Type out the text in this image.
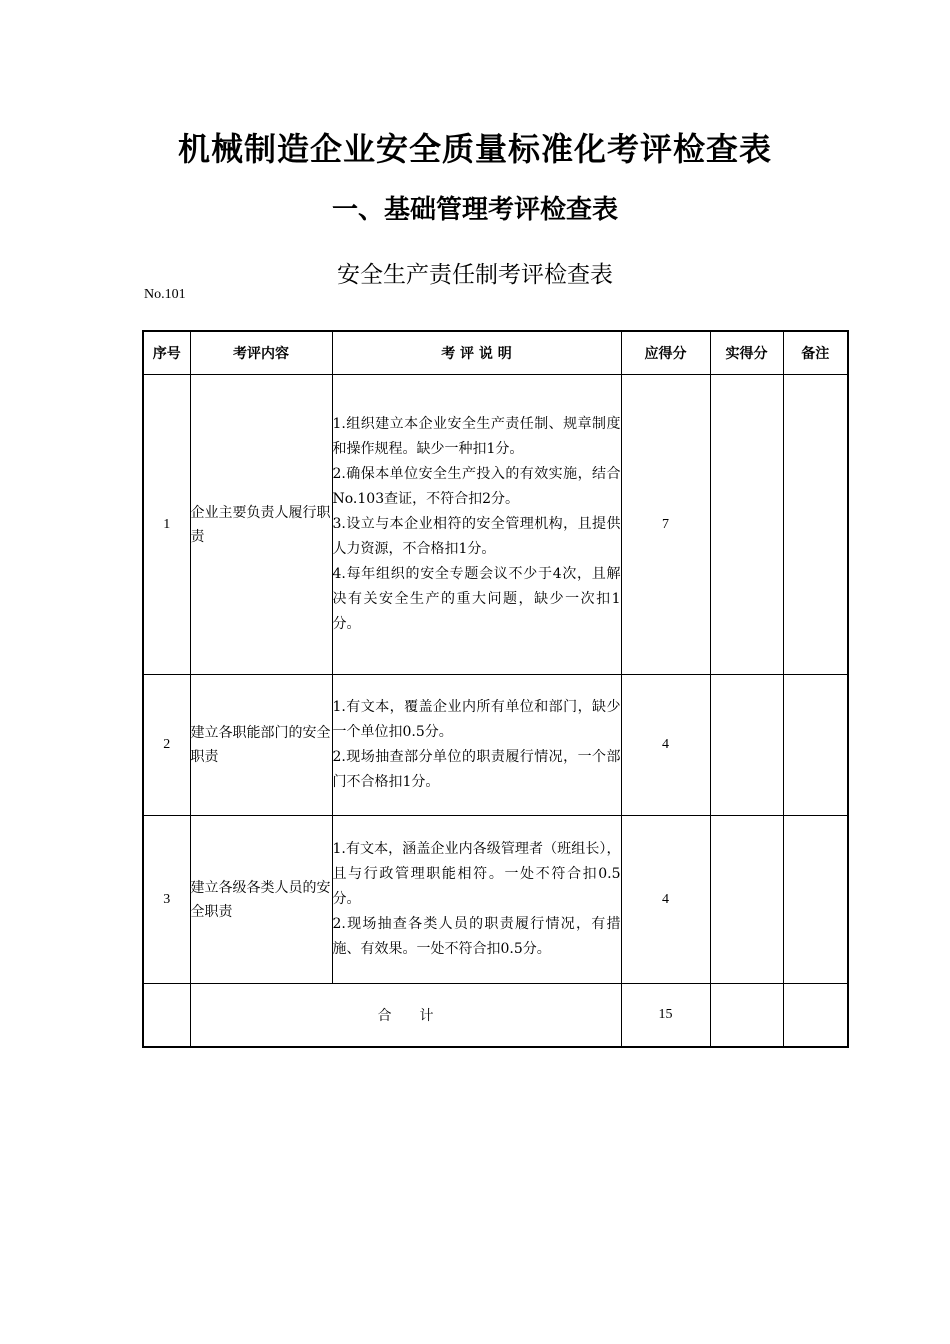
机械制造企业安全质量标准化考评检查表
一、基础管理考评检查表
安全生产责任制考评检查表
No.101
序号	考评内容	考 评 说 明	应得分	实得分	备注
1	企业主要负责人履行职责	1.组织建立本企业安全生产责任制、规章制度和操作规程。缺少一种扣1分。
2.确保本单位安全生产投入的有效实施，结合No.103查证，不符合扣2分。
3.设立与本企业相符的安全管理机构，且提供人力资源，不合格扣1分。
4.每年组织的安全专题会议不少于4次，且解决有关安全生产的重大问题，缺少一次扣1分。	7		
2	建立各职能部门的安全职责	1.有文本，覆盖企业内所有单位和部门，缺少一个单位扣0.5分。
2.现场抽查部分单位的职责履行情况，一个部门不合格扣1分。	4		
3	建立各级各类人员的安全职责	1.有文本，涵盖企业内各级管理者（班组长），且与行政管理职能相符。一处不符合扣0.5分。
2.现场抽查各类人员的职责履行情况，有措施、有效果。一处不符合扣0.5分。	4		
	合　　计		15		
